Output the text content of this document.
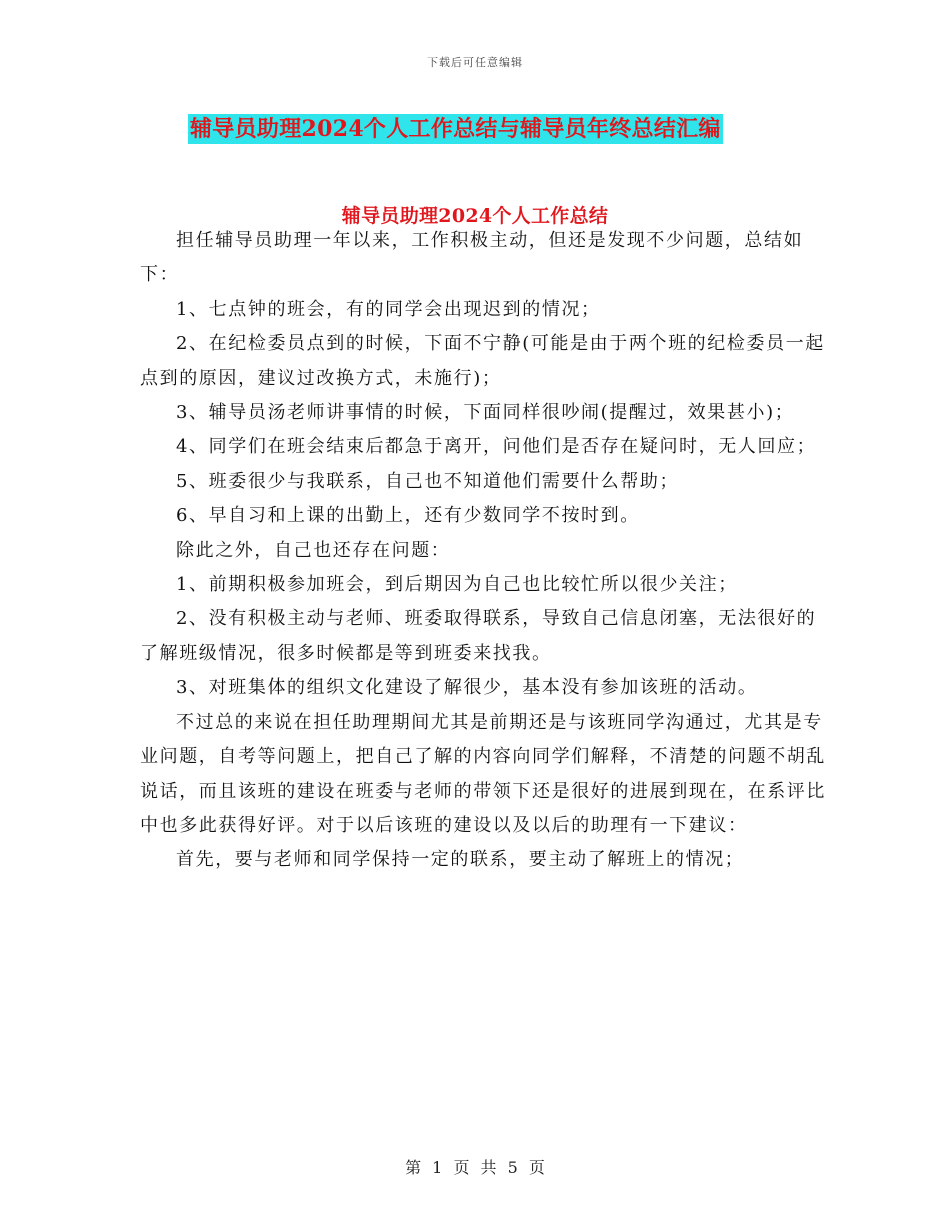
下载后可任意编辑
辅导员助理2024个人工作总结与辅导员年终总结汇编
辅导员助理2024个人工作总结

担任辅导员助理一年以来，工作积极主动，但还是发现不少问题，总结如下：

1、七点钟的班会，有的同学会出现迟到的情况；

2、在纪检委员点到的时候，下面不宁静(可能是由于两个班的纪检委员一起点到的原因，建议过改换方式，未施行)；

3、辅导员汤老师讲事情的时候，下面同样很吵闹(提醒过，效果甚小)；

4、同学们在班会结束后都急于离开，问他们是否存在疑问时，无人回应；

5、班委很少与我联系，自己也不知道他们需要什么帮助；

6、早自习和上课的出勤上，还有少数同学不按时到。

除此之外，自己也还存在问题：

1、前期积极参加班会，到后期因为自己也比较忙所以很少关注；

2、没有积极主动与老师、班委取得联系，导致自己信息闭塞，无法很好的了解班级情况，很多时候都是等到班委来找我。

3、对班集体的组织文化建设了解很少，基本没有参加该班的活动。

不过总的来说在担任助理期间尤其是前期还是与该班同学沟通过，尤其是专业问题，自考等问题上，把自己了解的内容向同学们解释，不清楚的问题不胡乱说话，而且该班的建设在班委与老师的带领下还是很好的进展到现在，在系评比中也多此获得好评。对于以后该班的建设以及以后的助理有一下建议：

首先，要与老师和同学保持一定的联系，要主动了解班上的情况；

第 1 页 共 5 页
